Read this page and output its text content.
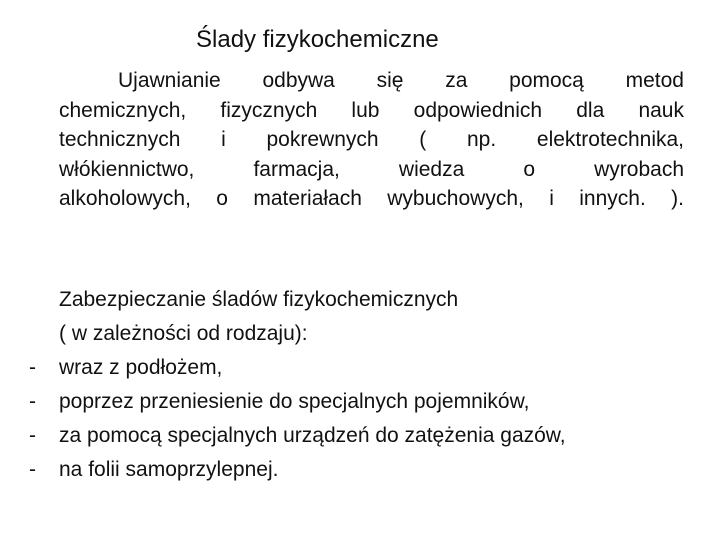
Ślady fizykochemiczne
Ujawnianie odbywa się za pomocą metod
chemicznych, fizycznych lub odpowiednich dla nauk
technicznych i pokrewnych ( np. elektrotechnika,
włókiennictwo, farmacja, wiedza o wyrobach
alkoholowych, o materiałach wybuchowych, i innych. ).
Zabezpieczanie śladów fizykochemicznych
( w zależności od rodzaju):
- wraz z podłożem,
- poprzez przeniesienie do specjalnych pojemników,
- za pomocą specjalnych urządzeń do zatężenia gazów,
- na folii samoprzylepnej.
